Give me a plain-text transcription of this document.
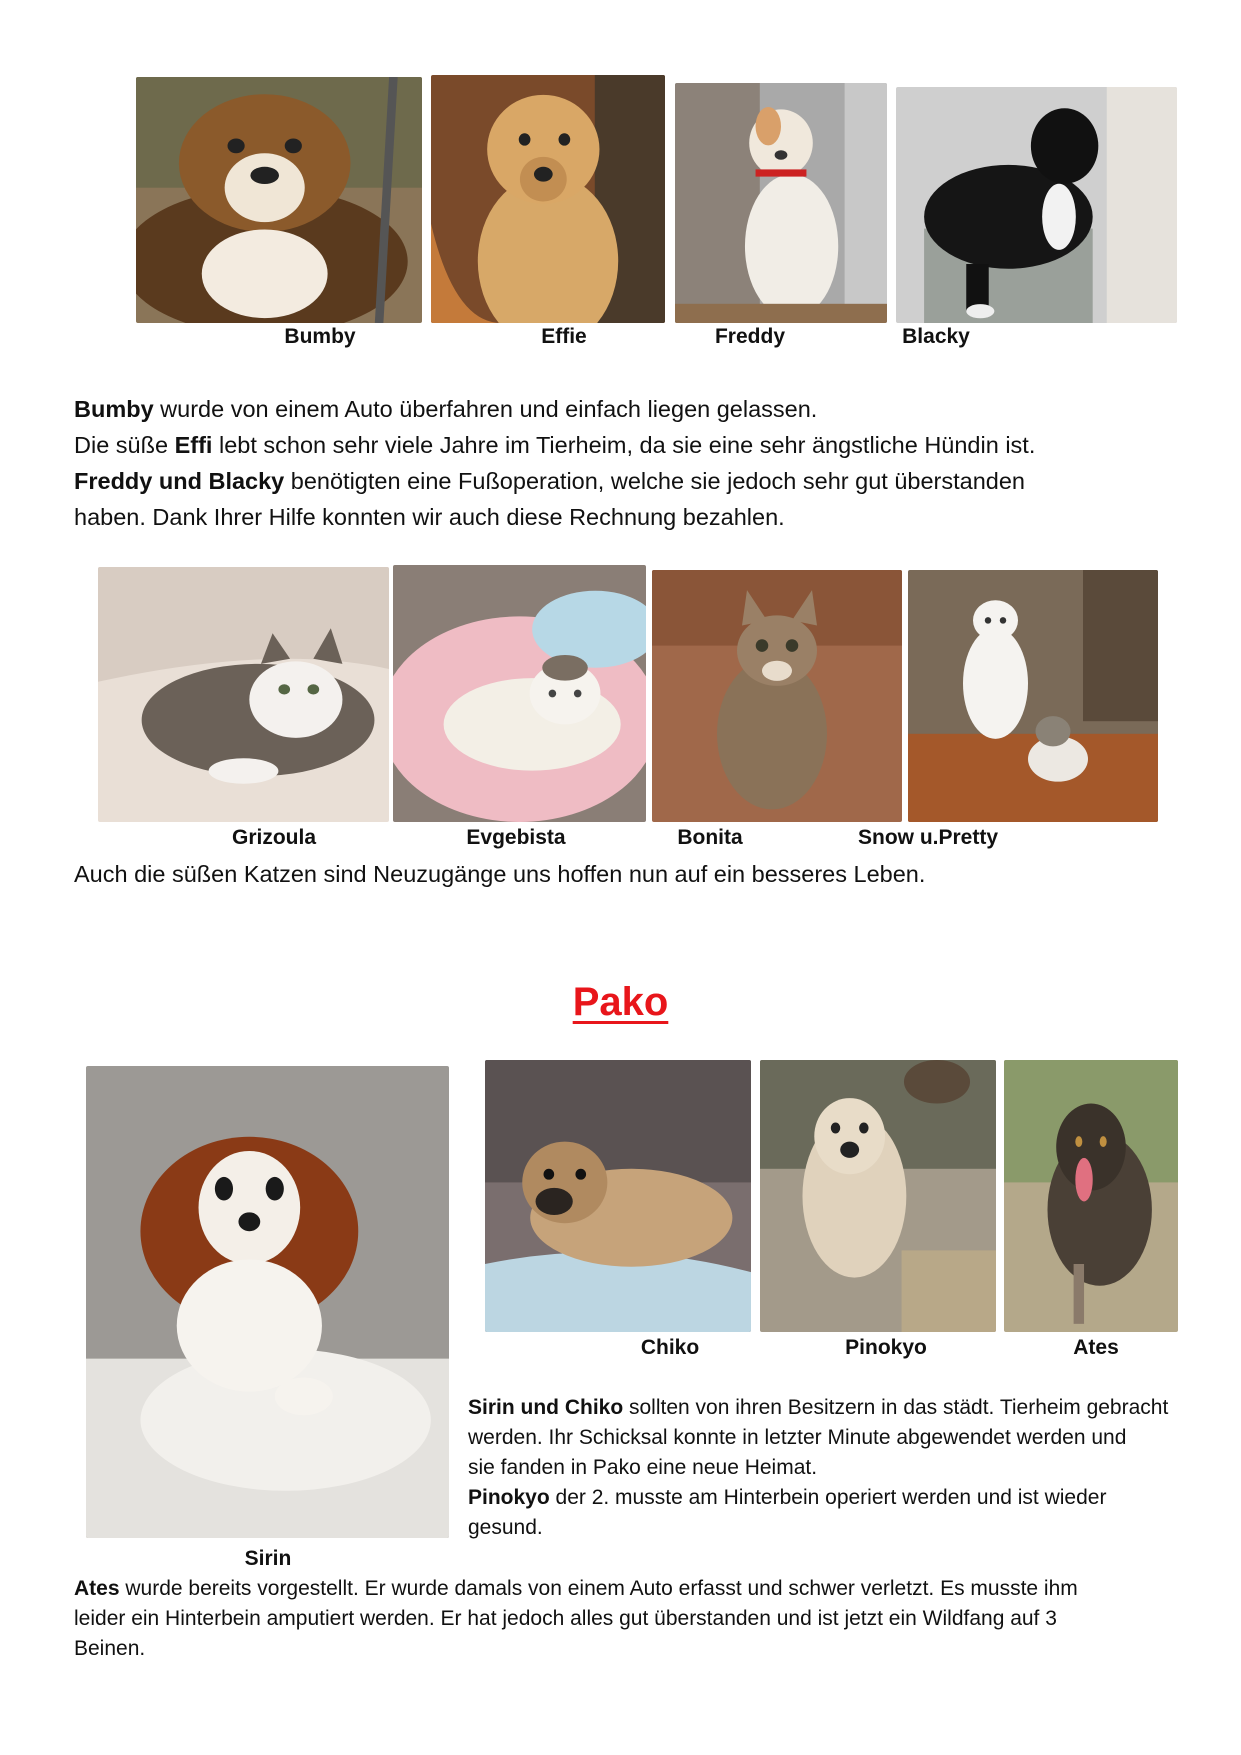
Bumby	Effie	Freddy	Blacky
Bumby wurde von einem Auto überfahren und einfach liegen gelassen.
Die süße Effi lebt schon sehr viele Jahre im Tierheim, da sie eine sehr ängstliche Hündin ist.
Freddy und Blacky benötigten eine Fußoperation, welche sie jedoch sehr gut überstanden
haben. Dank Ihrer Hilfe konnten wir auch diese Rechnung bezahlen.
Grizoula	Evgebista	Bonita	Snow u.Pretty
Auch die süßen Katzen sind Neuzugänge uns hoffen nun auf ein besseres Leben.
Pako
Sirin
Chiko	Pinokyo	Ates
Sirin und Chiko sollten von ihren Besitzern in das städt. Tierheim gebracht
werden. Ihr Schicksal konnte in letzter Minute abgewendet werden und
sie fanden in Pako eine neue Heimat.
Pinokyo der 2. musste am Hinterbein operiert werden und ist wieder
gesund.
Ates wurde bereits vorgestellt. Er wurde damals von einem Auto erfasst und schwer verletzt. Es musste ihm
leider ein Hinterbein amputiert werden. Er hat jedoch alles gut überstanden und ist jetzt ein Wildfang auf 3
Beinen.
